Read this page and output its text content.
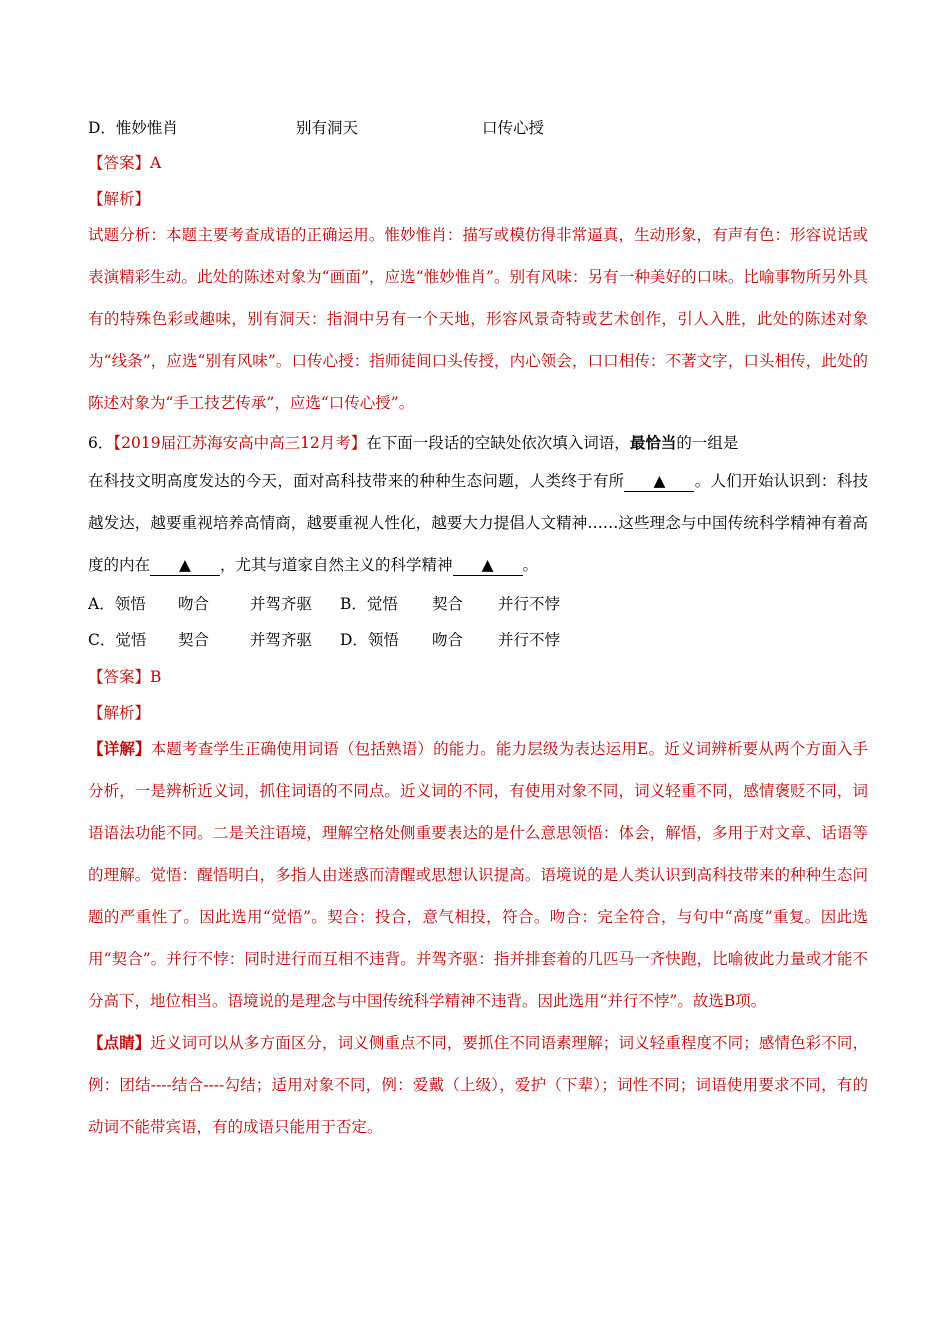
D．惟妙惟肖	别有洞天	口传心授

【答案】A

【解析】

试题分析：本题主要考查成语的正确运用。惟妙惟肖：描写或模仿得非常逼真，生动形象，有声有色：形容说话或表演精彩生动。此处的陈述对象为“画面”，应选“惟妙惟肖”。别有风味：另有一种美好的口味。比喻事物所另外具有的特殊色彩或趣味，别有洞天：指洞中另有一个天地，形容风景奇特或艺术创作，引人入胜，此处的陈述对象为“线条”，应选“别有风味”。口传心授：指师徒间口头传授，内心领会，口口相传：不著文字，口头相传，此处的陈述对象为“手工技艺传承”，应选“口传心授”。

6．【2019届江苏海安高中高三12月考】在下面一段话的空缺处依次填入词语，最恰当的一组是

在科技文明高度发达的今天，面对高科技带来的种种生态问题，人类终于有所 ▲ 。人们开始认识到：科技越发达，越要重视培养高情商，越要重视人性化，越要大力提倡人文精神……这些理念与中国传统科学精神有着高度的内在 ▲ ，尤其与道家自然主义的科学精神 ▲ 。

A．领悟	吻合	并驾齐驱	B．觉悟	契合	并行不悖
C．觉悟	契合	并驾齐驱	D．领悟	吻合	并行不悖

【答案】B

【解析】

【详解】本题考查学生正确使用词语（包括熟语）的能力。能力层级为表达运用E。近义词辨析要从两个方面入手分析，一是辨析近义词，抓住词语的不同点。近义词的不同，有使用对象不同，词义轻重不同，感情褒贬不同，词语语法功能不同。二是关注语境，理解空格处侧重要表达的是什么意思领悟：体会，解悟，多用于对文章、话语等的理解。觉悟：醒悟明白，多指人由迷惑而清醒或思想认识提高。语境说的是人类认识到高科技带来的种种生态问题的严重性了。因此选用“觉悟”。契合：投合，意气相投，符合。吻合：完全符合，与句中“高度”重复。因此选用“契合”。并行不悖：同时进行而互相不违背。并驾齐驱：指并排套着的几匹马一齐快跑，比喻彼此力量或才能不分高下，地位相当。语境说的是理念与中国传统科学精神不违背。因此选用“并行不悖”。故选B项。

【点睛】近义词可以从多方面区分，词义侧重点不同，要抓住不同语素理解；词义轻重程度不同；感情色彩不同，例：团结----结合----勾结；适用对象不同，例：爱戴（上级），爱护（下辈）；词性不同；词语使用要求不同，有的动词不能带宾语，有的成语只能用于否定。
